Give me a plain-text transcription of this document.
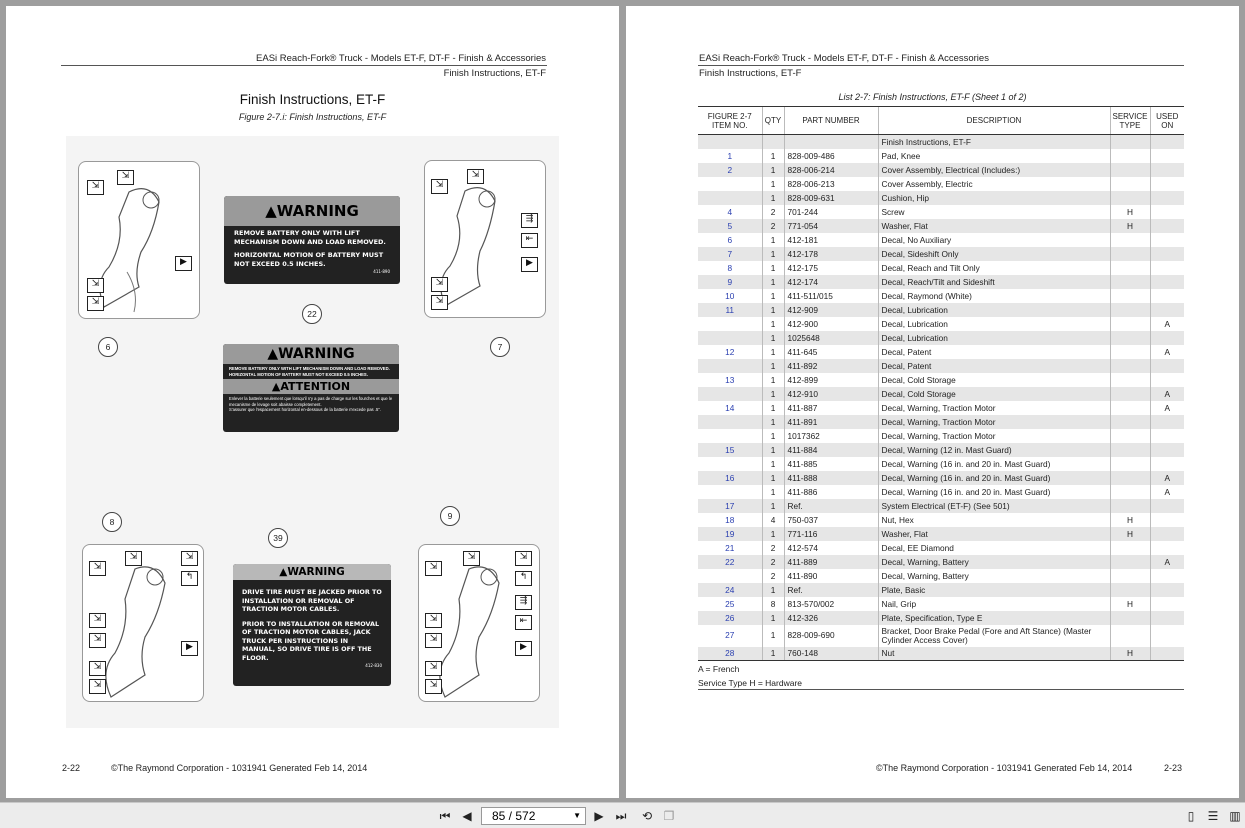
EASi Reach-Fork® Truck - Models ET-F, DT-F - Finish & Accessories
Finish Instructions, ET-F
Finish Instructions, ET-F
Figure 2-7.i: Finish Instructions, ET-F
⇲
⇲
▶
⇲
⇲
6
⇲
⇲
⇶
⇤
▶
⇲
⇲
7
▲WARNING
REMOVE BATTERY ONLY WITH LIFT MECHANISM DOWN AND LOAD REMOVED.
HORIZONTAL MOTION OF BATTERY MUST NOT EXCEED 0.5 INCHES.
411-890
22
▲WARNING
REMOVE BATTERY ONLY WITH LIFT MECHANISM DOWN AND LOAD REMOVED.
HORIZONTAL MOTION OF BATTERY MUST NOT EXCEED 0.5 INCHES.
▲ATTENTION
Enlever la batterie seulement que lorsqu'il n'y a pas de charge sur les fourches et que le mecanisme de levage soit abaisse completement.
S'assurer que l'espacement horizontal en-dessous de la batterie n'excede pas .5".
8
⇲
⇲	⇲
↰
⇲
⇲
▶
⇲
⇲
39
▲WARNING
DRIVE TIRE MUST BE JACKED PRIOR TO INSTALLATION OR REMOVAL OF TRACTION MOTOR CABLES.
PRIOR TO INSTALLATION OR REMOVAL OF TRACTION MOTOR CABLES, JACK TRUCK PER INSTRUCTIONS IN MANUAL, SO DRIVE TIRE IS OFF THE FLOOR.
412-830
9
⇲
⇲	⇲
↰
⇶
⇤
⇲
⇲
▶
⇲
⇲
2-22	©The Raymond Corporation - 1031941 Generated Feb 14, 2014
EASi Reach-Fork® Truck - Models ET-F, DT-F - Finish & Accessories
Finish Instructions, ET-F
List 2-7: Finish Instructions, ET-F (Sheet 1 of 2)
FIGURE 2-7 ITEM NO.	QTY	PART NUMBER	DESCRIPTION	SERVICE TYPE	USED ON
			Finish Instructions, ET-F		
1	1	828-009-486	Pad, Knee		
2	1	828-006-214	Cover Assembly, Electrical (Includes:)		
	1	828-006-213	Cover Assembly, Electric		
	1	828-009-631	Cushion, Hip		
4	2	701-244	Screw	H	
5	2	771-054	Washer, Flat	H	
6	1	412-181	Decal, No Auxiliary		
7	1	412-178	Decal, Sideshift Only		
8	1	412-175	Decal, Reach and Tilt Only		
9	1	412-174	Decal, Reach/Tilt and Sideshift		
10	1	411-511/015	Decal, Raymond (White)		
11	1	412-909	Decal, Lubrication		
	1	412-900	Decal, Lubrication		A
	1	1025648	Decal, Lubrication		
12	1	411-645	Decal, Patent		A
	1	411-892	Decal, Patent		
13	1	412-899	Decal, Cold Storage		
	1	412-910	Decal, Cold Storage		A
14	1	411-887	Decal, Warning, Traction Motor		A
	1	411-891	Decal, Warning, Traction Motor		
	1	1017362	Decal, Warning, Traction Motor		
15	1	411-884	Decal, Warning (12 in. Mast Guard)		
	1	411-885	Decal, Warning (16 in. and 20 in. Mast Guard)		
16	1	411-888	Decal, Warning (16 in. and 20 in. Mast Guard)		A
	1	411-886	Decal, Warning (16 in. and 20 in. Mast Guard)		A
17	1	Ref.	System Electrical (ET-F) (See 501)		
18	4	750-037	Nut, Hex	H	
19	1	771-116	Washer, Flat	H	
21	2	412-574	Decal, EE Diamond		
22	2	411-889	Decal, Warning, Battery		A
	2	411-890	Decal, Warning, Battery		
24	1	Ref.	Plate, Basic		
25	8	813-570/002	Nail, Grip	H	
26	1	412-326	Plate, Specification, Type E		
27	1	828-009-690	Bracket, Door Brake Pedal (Fore and Aft Stance) (Master Cylinder Access Cover)		
28	1	760-148	Nut	H	
A = French
Service Type H = Hardware
©The Raymond Corporation - 1031941 Generated Feb 14, 2014	2-23
⏮ ◀	85 / 572	▼	▶ ⏭	⟲ ❐	▯	☰ ▥
